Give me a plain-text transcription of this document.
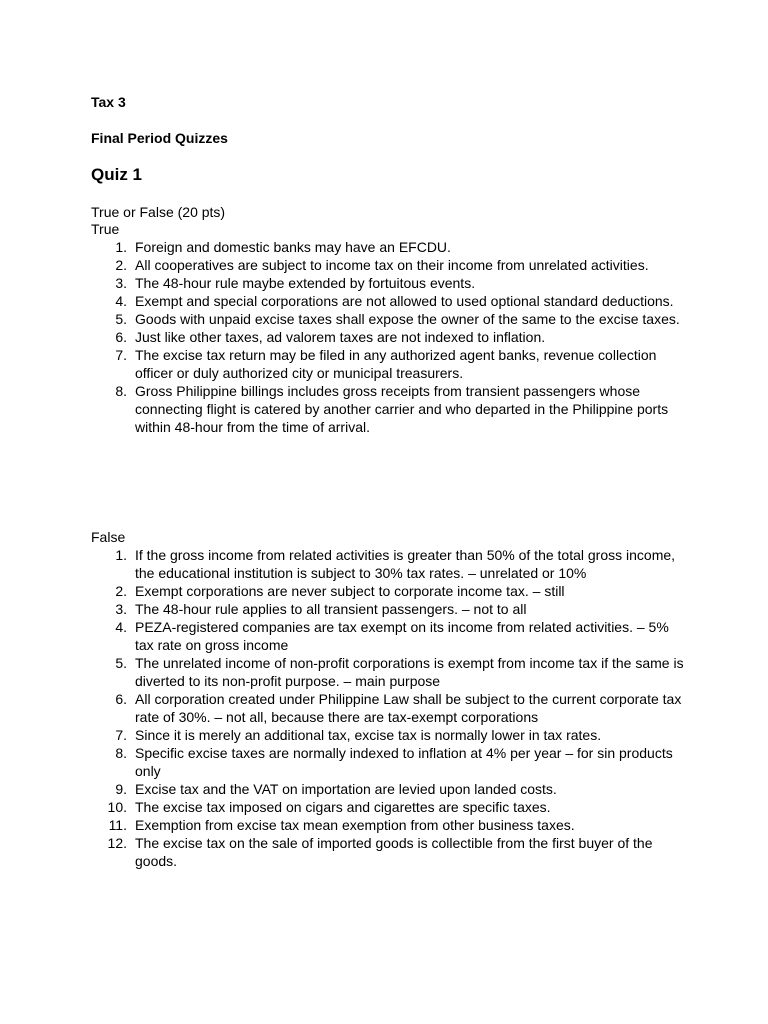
Tax 3
Final Period Quizzes
Quiz 1
True or False (20 pts)
True
1. Foreign and domestic banks may have an EFCDU.
2. All cooperatives are subject to income tax on their income from unrelated activities.
3. The 48-hour rule maybe extended by fortuitous events.
4. Exempt and special corporations are not allowed to used optional standard deductions.
5. Goods with unpaid excise taxes shall expose the owner of the same to the excise taxes.
6. Just like other taxes, ad valorem taxes are not indexed to inflation.
7. The excise tax return may be filed in any authorized agent banks, revenue collection officer or duly authorized city or municipal treasurers.
8. Gross Philippine billings includes gross receipts from transient passengers whose connecting flight is catered by another carrier and who departed in the Philippine ports within 48-hour from the time of arrival.
False
1. If the gross income from related activities is greater than 50% of the total gross income, the educational institution is subject to 30% tax rates. – unrelated or 10%
2. Exempt corporations are never subject to corporate income tax. – still
3. The 48-hour rule applies to all transient passengers. – not to all
4. PEZA-registered companies are tax exempt on its income from related activities. – 5% tax rate on gross income
5. The unrelated income of non-profit corporations is exempt from income tax if the same is diverted to its non-profit purpose. – main purpose
6. All corporation created under Philippine Law shall be subject to the current corporate tax rate of 30%. – not all, because there are tax-exempt corporations
7. Since it is merely an additional tax, excise tax is normally lower in tax rates.
8. Specific excise taxes are normally indexed to inflation at 4% per year – for sin products only
9. Excise tax and the VAT on importation are levied upon landed costs.
10. The excise tax imposed on cigars and cigarettes are specific taxes.
11. Exemption from excise tax mean exemption from other business taxes.
12. The excise tax on the sale of imported goods is collectible from the first buyer of the goods.
